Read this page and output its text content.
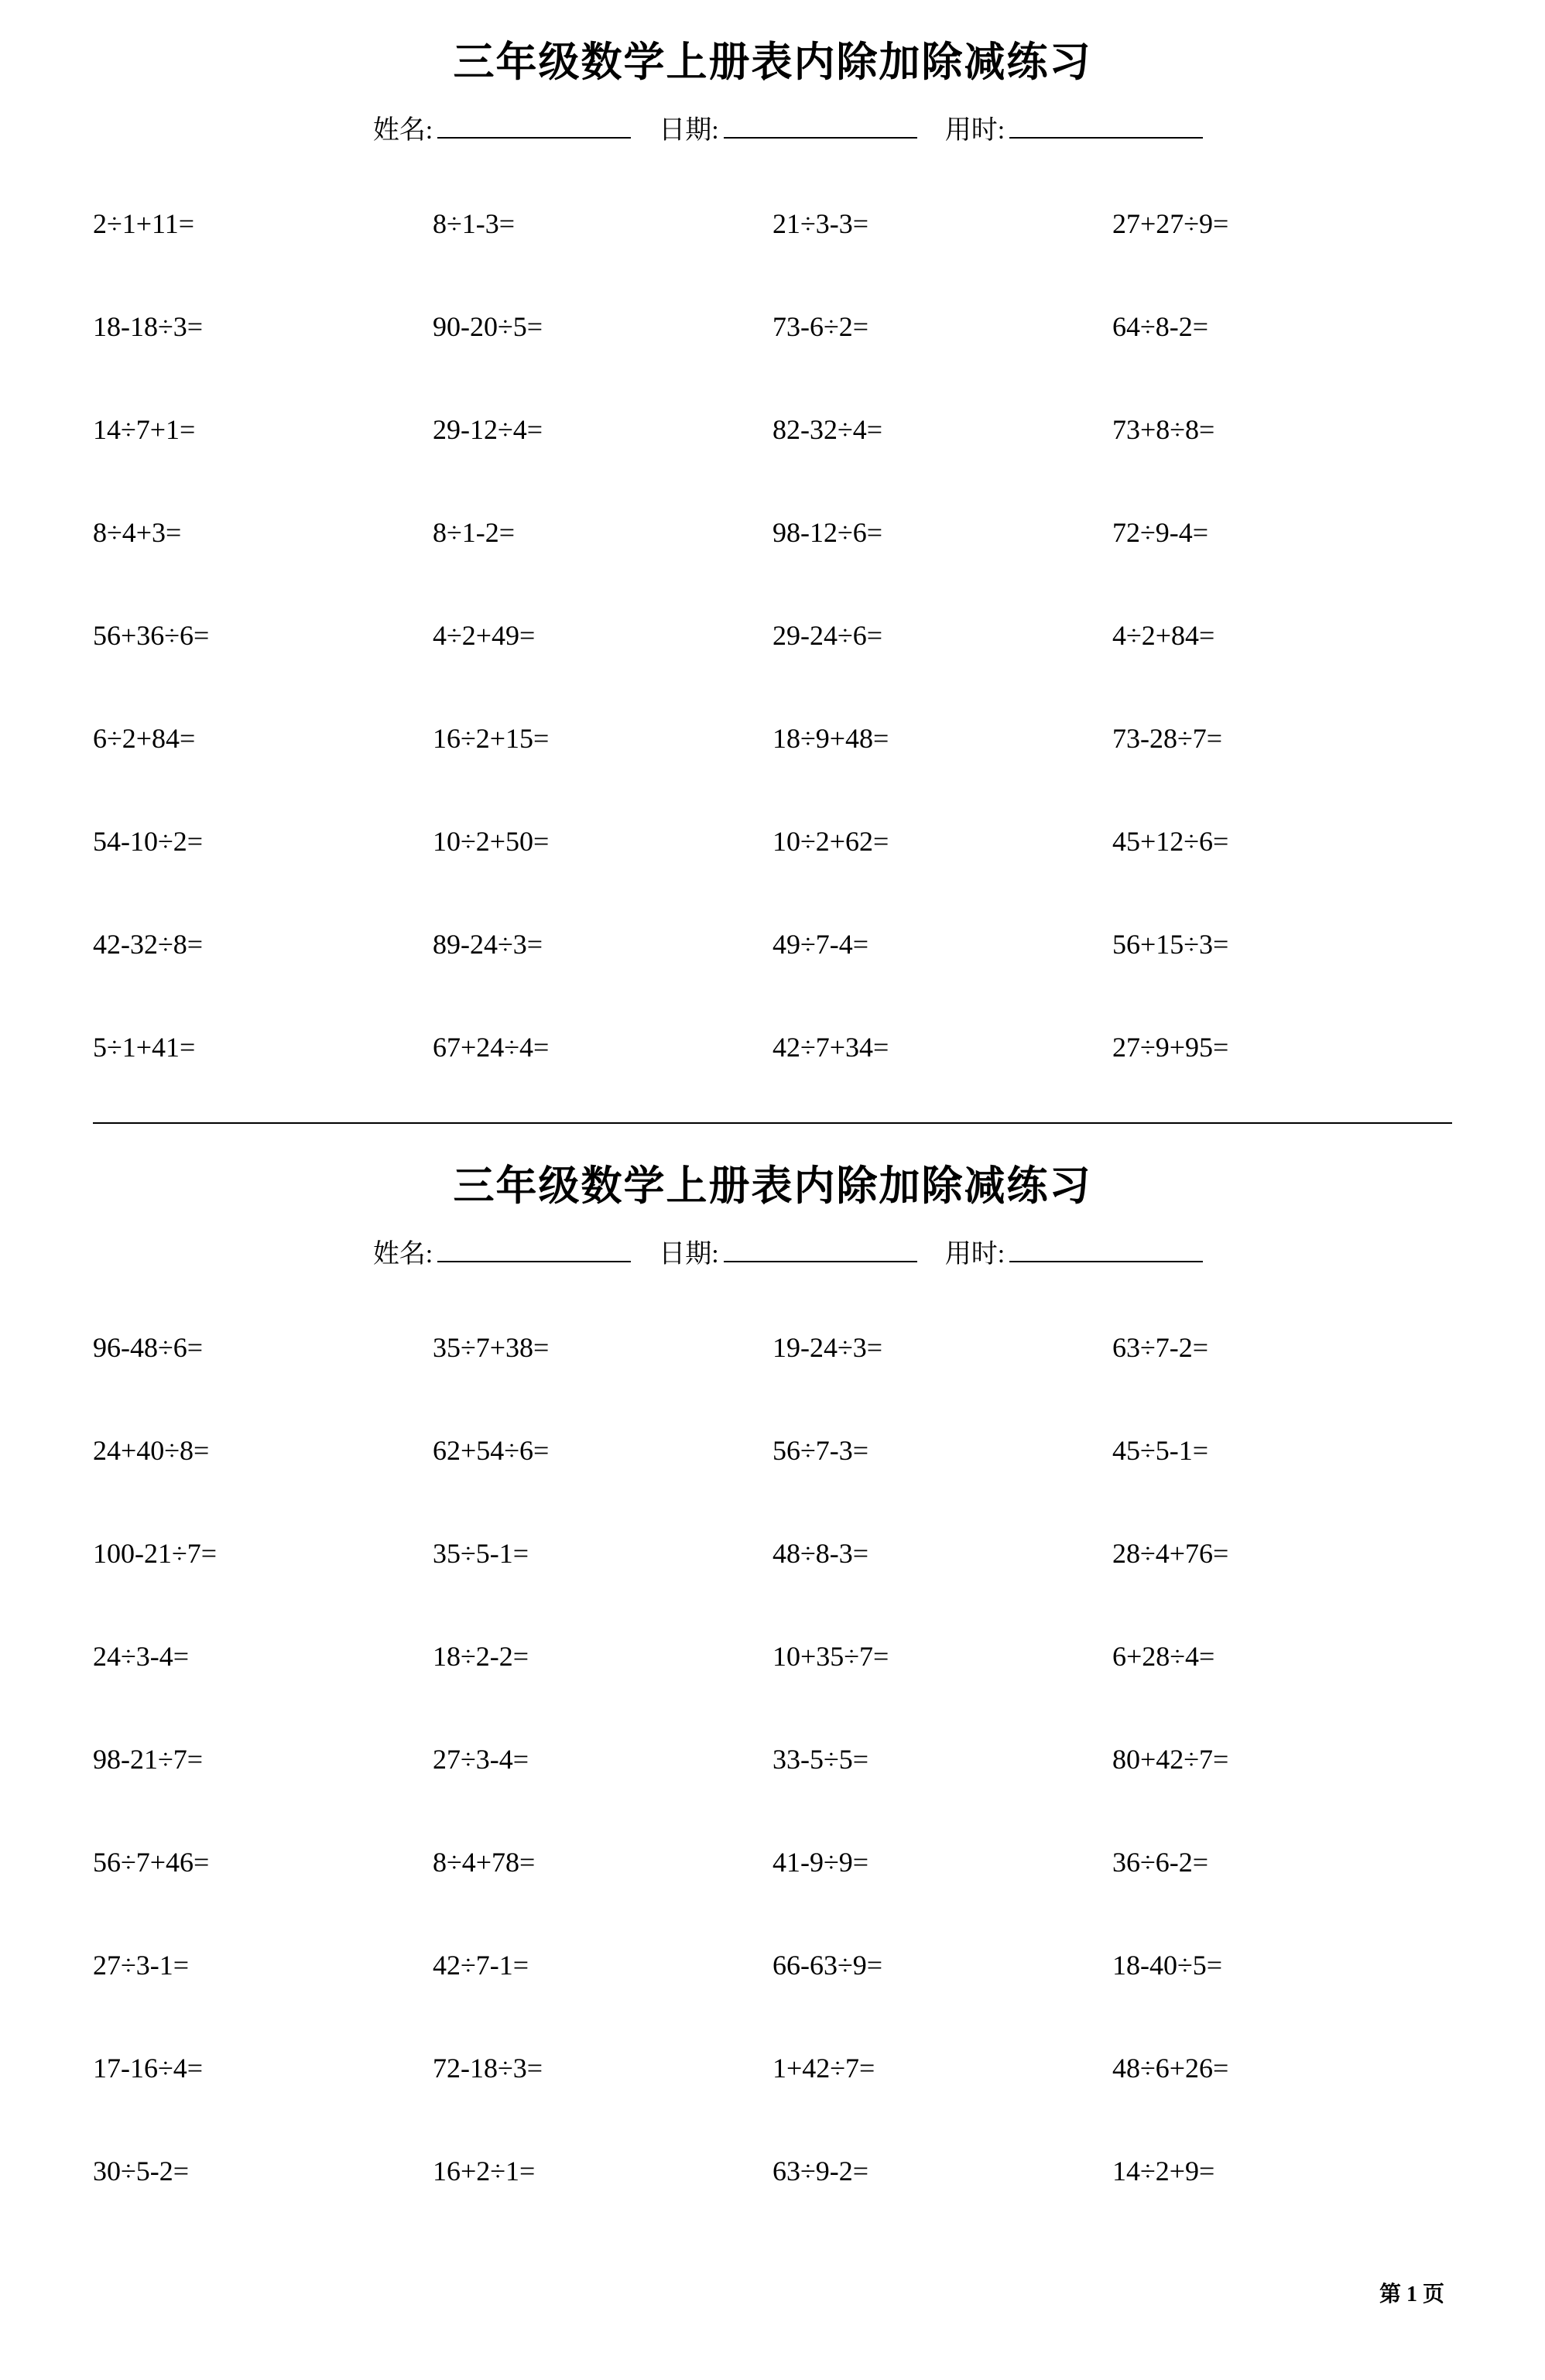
三年级数学上册表内除加除减练习
姓名:	日期:	用时:
2÷1+11=	8÷1-3=	21÷3-3=	27+27÷9=
18-18÷3=	90-20÷5=	73-6÷2=	64÷8-2=
14÷7+1=	29-12÷4=	82-32÷4=	73+8÷8=
8÷4+3=	8÷1-2=	98-12÷6=	72÷9-4=
56+36÷6=	4÷2+49=	29-24÷6=	4÷2+84=
6÷2+84=	16÷2+15=	18÷9+48=	73-28÷7=
54-10÷2=	10÷2+50=	10÷2+62=	45+12÷6=
42-32÷8=	89-24÷3=	49÷7-4=	56+15÷3=
5÷1+41=	67+24÷4=	42÷7+34=	27÷9+95=
三年级数学上册表内除加除减练习
姓名:	日期:	用时:
96-48÷6=	35÷7+38=	19-24÷3=	63÷7-2=
24+40÷8=	62+54÷6=	56÷7-3=	45÷5-1=
100-21÷7=	35÷5-1=	48÷8-3=	28÷4+76=
24÷3-4=	18÷2-2=	10+35÷7=	6+28÷4=
98-21÷7=	27÷3-4=	33-5÷5=	80+42÷7=
56÷7+46=	8÷4+78=	41-9÷9=	36÷6-2=
27÷3-1=	42÷7-1=	66-63÷9=	18-40÷5=
17-16÷4=	72-18÷3=	1+42÷7=	48÷6+26=
30÷5-2=	16+2÷1=	63÷9-2=	14÷2+9=
第 1 页
